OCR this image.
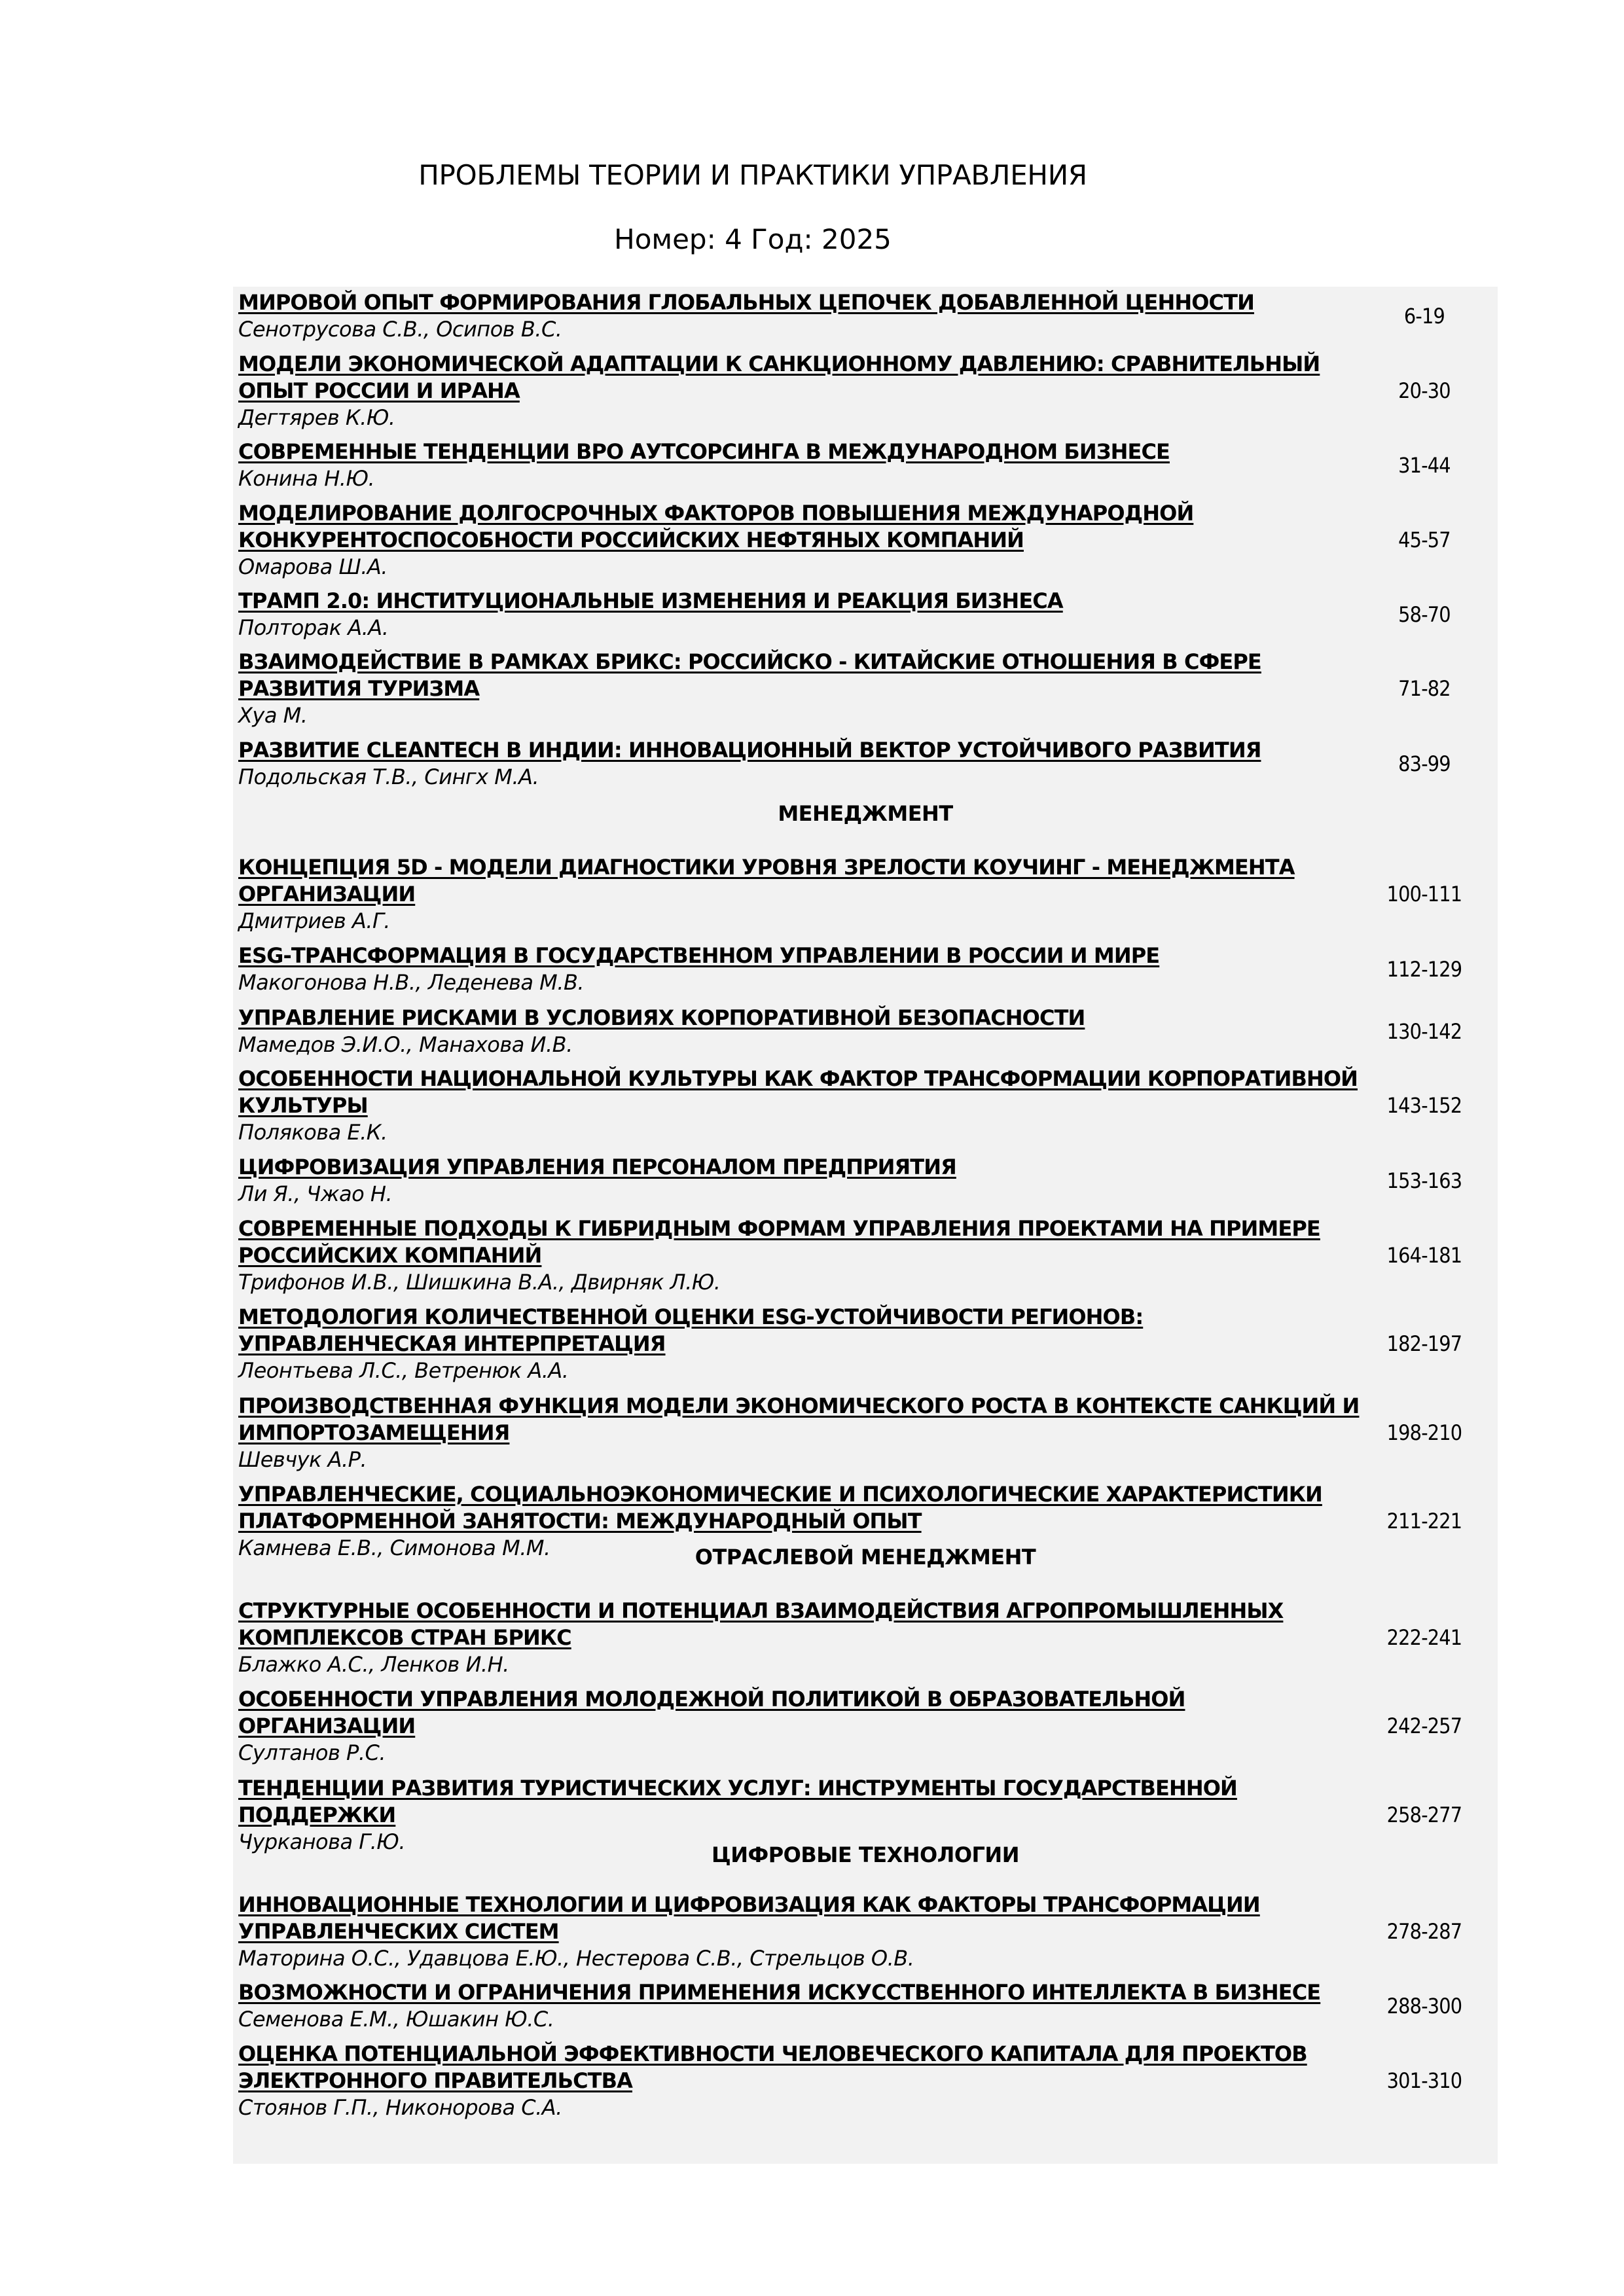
ПРОБЛЕМЫ ТЕОРИИ И ПРАКТИКИ УПРАВЛЕНИЯ
Номер: 4 Год: 2025
МЕНЕДЖМЕНТ
ОТРАСЛЕВОЙ МЕНЕДЖМЕНТ
ЦИФРОВЫЕ ТЕХНОЛОГИИ
МИРОВОЙ ОПЫТ ФОРМИРОВАНИЯ ГЛОБАЛЬНЫХ ЦЕПОЧЕК ДОБАВЛЕННОЙ ЦЕННОСТИ
Сенотрусова С.В., Осипов В.С.
6-19
МОДЕЛИ ЭКОНОМИЧЕСКОЙ АДАПТАЦИИ К САНКЦИОННОМУ ДАВЛЕНИЮ: СРАВНИТЕЛЬНЫЙ
ОПЫТ РОССИИ И ИРАНА
Дегтярев К.Ю.
20-30
СОВРЕМЕННЫЕ ТЕНДЕНЦИИ ВРО АУТСОРСИНГА В МЕЖДУНАРОДНОМ БИЗНЕСЕ
Конина Н.Ю.
31-44
МОДЕЛИРОВАНИЕ ДОЛГОСРОЧНЫХ ФАКТОРОВ ПОВЫШЕНИЯ МЕЖДУНАРОДНОЙ
КОНКУРЕНТОСПОСОБНОСТИ РОССИЙСКИХ НЕФТЯНЫХ КОМПАНИЙ
Омарова Ш.А.
45-57
ТРАМП 2.0: ИНСТИТУЦИОНАЛЬНЫЕ ИЗМЕНЕНИЯ И РЕАКЦИЯ БИЗНЕСА
Полторак А.А.
58-70
ВЗАИМОДЕЙСТВИЕ В РАМКАХ БРИКС: РОССИЙСКО - КИТАЙСКИЕ ОТНОШЕНИЯ В СФЕРЕ
РАЗВИТИЯ ТУРИЗМА
Хуа М.
71-82
РАЗВИТИЕ CLEANTECH В ИНДИИ: ИННОВАЦИОННЫЙ ВЕКТОР УСТОЙЧИВОГО РАЗВИТИЯ
Подольская Т.В., Сингх М.А.
83-99
КОНЦЕПЦИЯ 5D - МОДЕЛИ ДИАГНОСТИКИ УРОВНЯ ЗРЕЛОСТИ КОУЧИНГ - МЕНЕДЖМЕНТА
ОРГАНИЗАЦИИ
Дмитриев А.Г.
100-111
ESG-ТРАНСФОРМАЦИЯ В ГОСУДАРСТВЕННОМ УПРАВЛЕНИИ В РОССИИ И МИРЕ
Макогонова Н.В., Леденева М.В.
112-129
УПРАВЛЕНИЕ РИСКАМИ В УСЛОВИЯХ КОРПОРАТИВНОЙ БЕЗОПАСНОСТИ
Мамедов Э.И.О., Манахова И.В.
130-142
ОСОБЕННОСТИ НАЦИОНАЛЬНОЙ КУЛЬТУРЫ КАК ФАКТОР ТРАНСФОРМАЦИИ КОРПОРАТИВНОЙ
КУЛЬТУРЫ
Полякова Е.К.
143-152
ЦИФРОВИЗАЦИЯ УПРАВЛЕНИЯ ПЕРСОНАЛОМ ПРЕДПРИЯТИЯ
Ли Я., Чжао Н.
153-163
СОВРЕМЕННЫЕ ПОДХОДЫ К ГИБРИДНЫМ ФОРМАМ УПРАВЛЕНИЯ ПРОЕКТАМИ НА ПРИМЕРЕ
РОССИЙСКИХ КОМПАНИЙ
Трифонов И.В., Шишкина В.А., Двирняк Л.Ю.
164-181
МЕТОДОЛОГИЯ КОЛИЧЕСТВЕННОЙ ОЦЕНКИ ESG-УСТОЙЧИВОСТИ РЕГИОНОВ:
УПРАВЛЕНЧЕСКАЯ ИНТЕРПРЕТАЦИЯ
Леонтьева Л.С., Ветренюк А.А.
182-197
ПРОИЗВОДСТВЕННАЯ ФУНКЦИЯ МОДЕЛИ ЭКОНОМИЧЕСКОГО РОСТА В КОНТЕКСТЕ САНКЦИЙ И
ИМПОРТОЗАМЕЩЕНИЯ
Шевчук А.Р.
198-210
УПРАВЛЕНЧЕСКИЕ, СОЦИАЛЬНОЭКОНОМИЧЕСКИЕ И ПСИХОЛОГИЧЕСКИЕ ХАРАКТЕРИСТИКИ
ПЛАТФОРМЕННОЙ ЗАНЯТОСТИ: МЕЖДУНАРОДНЫЙ ОПЫТ
Камнева Е.В., Симонова М.М.
211-221
СТРУКТУРНЫЕ ОСОБЕННОСТИ И ПОТЕНЦИАЛ ВЗАИМОДЕЙСТВИЯ АГРОПРОМЫШЛЕННЫХ
КОМПЛЕКСОВ СТРАН БРИКС
Блажко А.С., Ленков И.Н.
222-241
ОСОБЕННОСТИ УПРАВЛЕНИЯ МОЛОДЕЖНОЙ ПОЛИТИКОЙ В ОБРАЗОВАТЕЛЬНОЙ
ОРГАНИЗАЦИИ
Султанов Р.С.
242-257
ТЕНДЕНЦИИ РАЗВИТИЯ ТУРИСТИЧЕСКИХ УСЛУГ: ИНСТРУМЕНТЫ ГОСУДАРСТВЕННОЙ
ПОДДЕРЖКИ
Чурканова Г.Ю.
258-277
ИННОВАЦИОННЫЕ ТЕХНОЛОГИИ И ЦИФРОВИЗАЦИЯ КАК ФАКТОРЫ ТРАНСФОРМАЦИИ
УПРАВЛЕНЧЕСКИХ СИСТЕМ
Маторина О.С., Удавцова Е.Ю., Нестерова С.В., Стрельцов О.В.
278-287
ВОЗМОЖНОСТИ И ОГРАНИЧЕНИЯ ПРИМЕНЕНИЯ ИСКУССТВЕННОГО ИНТЕЛЛЕКТА В БИЗНЕСЕ
Семенова Е.М., Юшакин Ю.С.
288-300
ОЦЕНКА ПОТЕНЦИАЛЬНОЙ ЭФФЕКТИВНОСТИ ЧЕЛОВЕЧЕСКОГО КАПИТАЛА ДЛЯ ПРОЕКТОВ
ЭЛЕКТРОННОГО ПРАВИТЕЛЬСТВА
Стоянов Г.П., Никонорова С.А.
301-310
